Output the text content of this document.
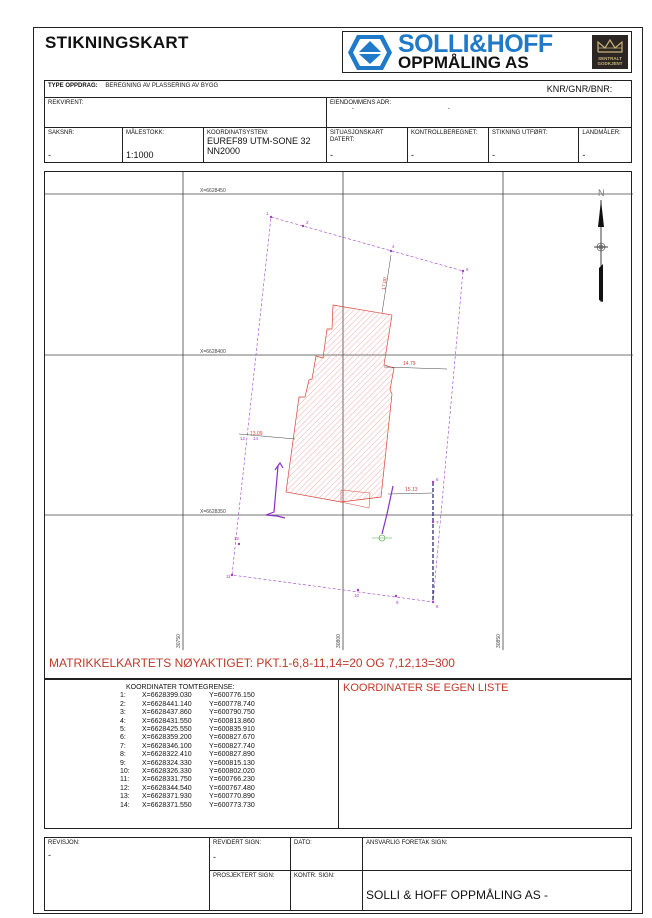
STIKNINGSKART	SOLLI&HOFF
OPPMÅLING AS	SENTRALT GODKJENT
TYPE OPPDRAG: BEREGNING AV PLASSERING AV BYGG						KNR/GNR/BNR:	
REKVIRENT:			EIENDOMMENS ADR:
- -				

SAKSNR:
-

MÅLESTOKK:
1:1000

KOORDINATSYSTEM:
EUREF89 UTM-SONE 32
NN2000

SITUASJONSKART DATERT:
-

KONTROLLBEREGNET:
-

STIKNING UTFØRT:
-

LANDMÅLER:
-
X=6628450
X=6628400
X=6628350
30750	30800	30850
1
2
4
5
6
7
8
9
10
11
12
12 14
17.00
14.79
13.09
15.13
N
MATRIKKELKARTETS NØYAKTIGET: PKT.1-6,8-11,14=20 OG 7,12,13=300
KOORDINATER TOMTEGRENSE:
1:	X=6628399.030	Y=600776.150
2:	X=6628441.140	Y=600778.740
3:	X=6628437.860	Y=600790.750
4:	X=6628431.550	Y=600813.860
5:	X=6628425.550	Y=600835.910
6:	X=6628359.200	Y=600827.670
7:	X=6628346.100	Y=600827.740
8:	X=6628322.410	Y=600827.890
9:	X=6628324.330	Y=600815.130
10:	X=6628326.330	Y=600802.020
11:	X=6628331.750	Y=600766.230
12:	X=6628344.540	Y=600767.480
13:	X=6628371.930	Y=600770.890
14:	X=6628371.550	Y=600773.730
KOORDINATER SE EGEN LISTE
REVISJON:
-

REVIDERT SIGN:
-

DATO:	ANSVARLIG FORETAK SIGN:

	PROSJEKTERT SIGN:	KONTR. SIGN:	SOLLI & HOFF OPPMÅLING AS -
